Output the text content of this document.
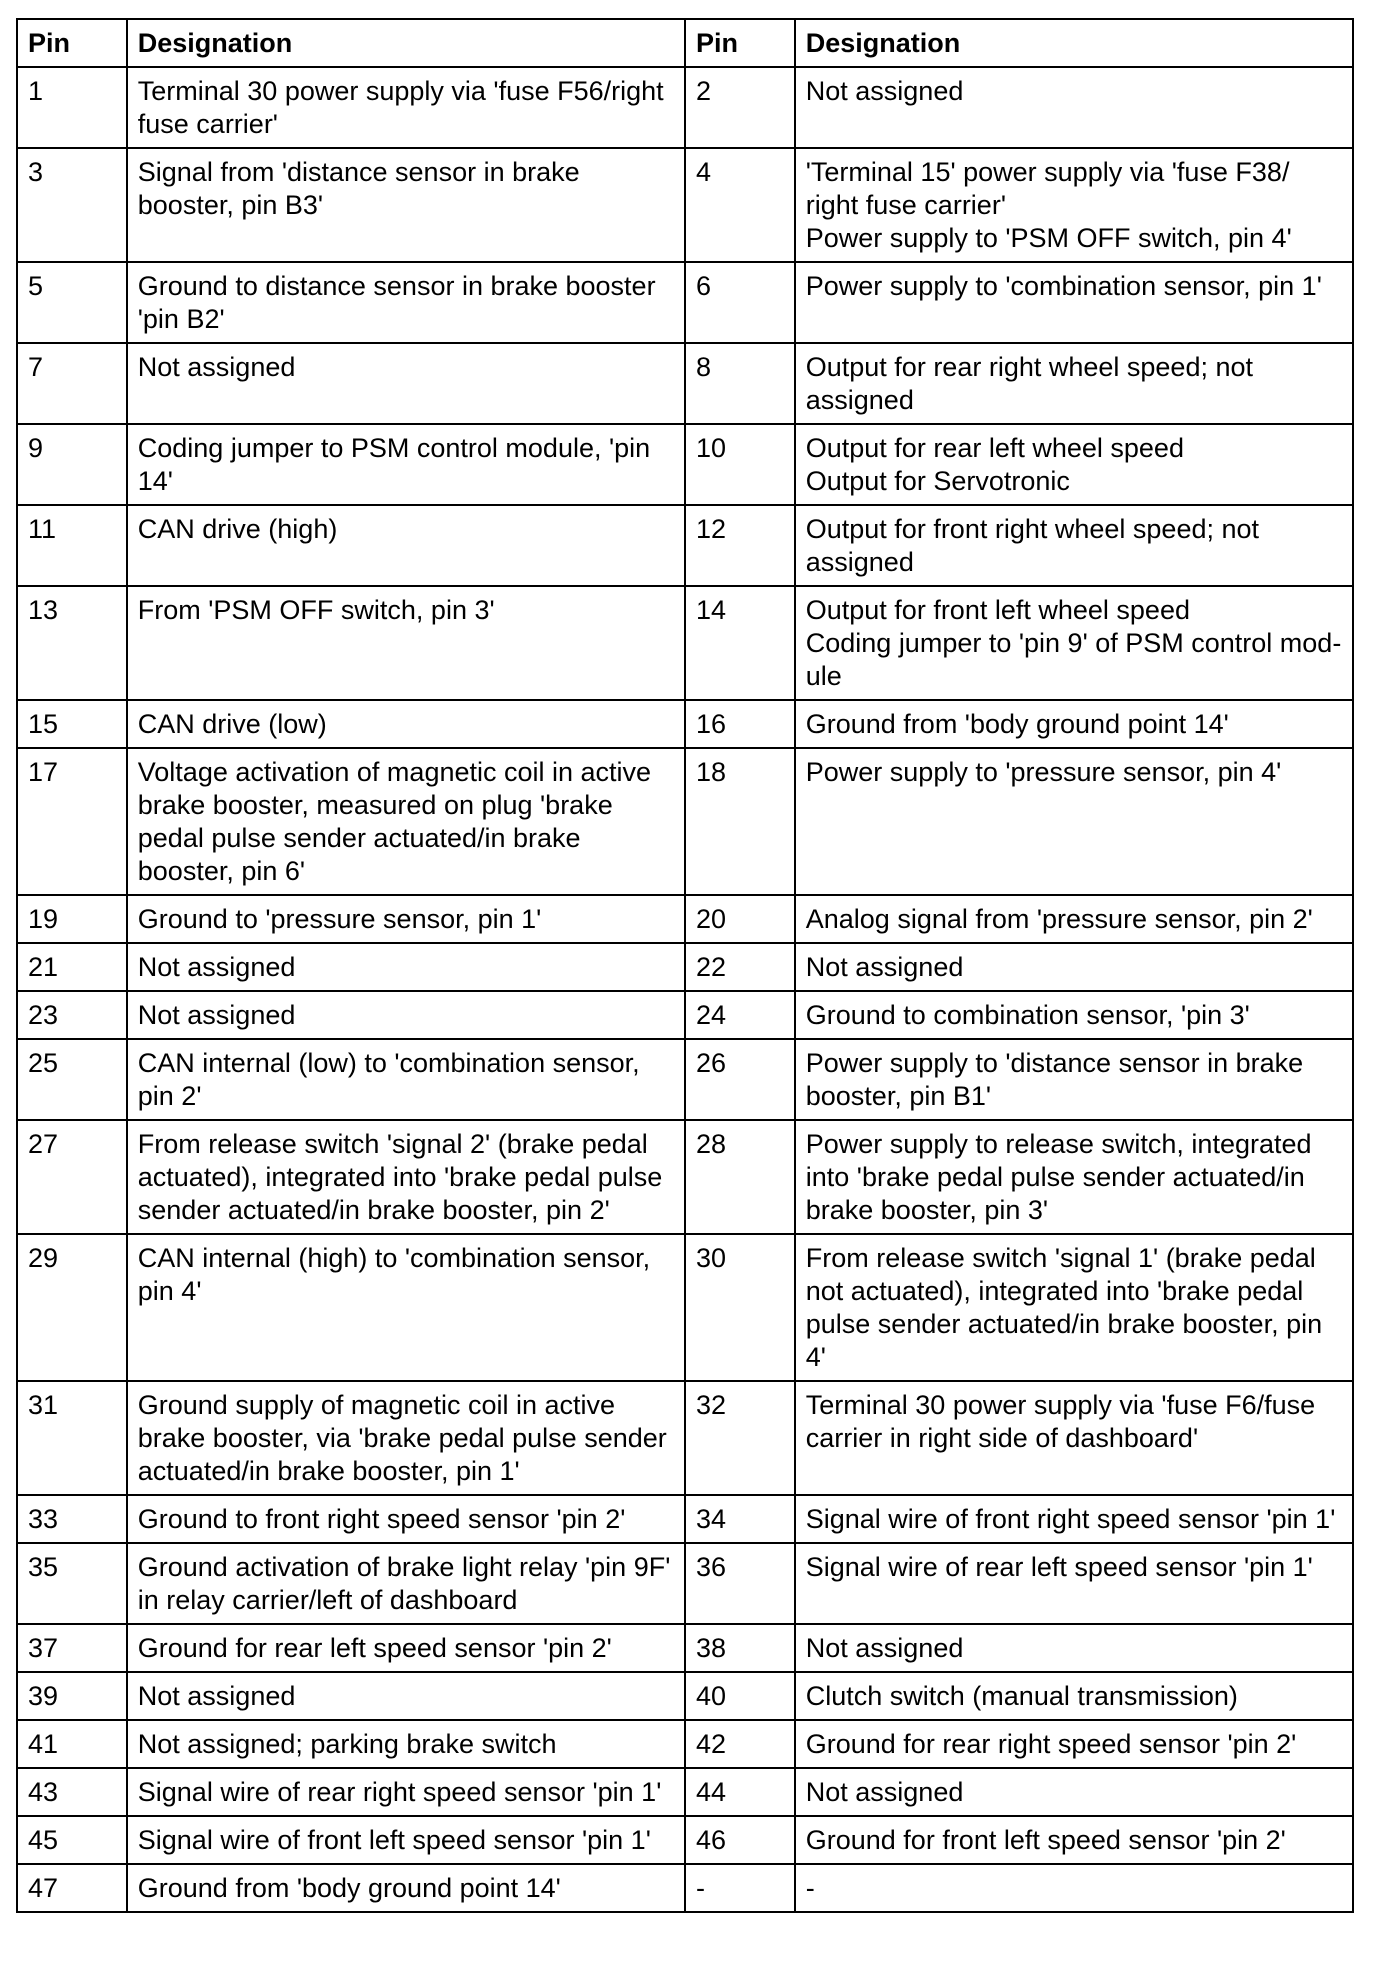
Pin	Designation	Pin	Designation
1	Terminal 30 power supply via 'fuse F56/right fuse carrier'	2	Not assigned
3	Signal from 'distance sensor in brake booster, pin B3'	4	'Terminal 15' power supply via 'fuse F38/ right fuse carrier'
Power supply to 'PSM OFF switch, pin 4'
5	Ground to distance sensor in brake booster 'pin B2'	6	Power supply to 'combination sensor, pin 1'
7	Not assigned	8	Output for rear right wheel speed; not assigned
9	Coding jumper to PSM control module, 'pin 14'	10	Output for rear left wheel speed
Output for Servotronic
11	CAN drive (high)	12	Output for front right wheel speed; not assigned
13	From 'PSM OFF switch, pin 3'	14	Output for front left wheel speed
Coding jumper to 'pin 9' of PSM control mod-ule
15	CAN drive (low)	16	Ground from 'body ground point 14'
17	Voltage activation of magnetic coil in active brake booster, measured on plug 'brake pedal pulse sender actuated/in brake booster, pin 6'	18	Power supply to 'pressure sensor, pin 4'
19	Ground to 'pressure sensor, pin 1'	20	Analog signal from 'pressure sensor, pin 2'
21	Not assigned	22	Not assigned
23	Not assigned	24	Ground to combination sensor, 'pin 3'
25	CAN internal (low) to 'combination sensor, pin 2'	26	Power supply to 'distance sensor in brake booster, pin B1'
27	From release switch 'signal 2' (brake pedal actuated), integrated into 'brake pedal pulse sender actuated/in brake booster, pin 2'	28	Power supply to release switch, integrated into 'brake pedal pulse sender actuated/in brake booster, pin 3'
29	CAN internal (high) to 'combination sensor, pin 4'	30	From release switch 'signal 1' (brake pedal not actuated), integrated into 'brake pedal pulse sender actuated/in brake booster, pin 4'
31	Ground supply of magnetic coil in active brake booster, via 'brake pedal pulse sender actuated/in brake booster, pin 1'	32	Terminal 30 power supply via 'fuse F6/fuse carrier in right side of dashboard'
33	Ground to front right speed sensor 'pin 2'	34	Signal wire of front right speed sensor 'pin 1'
35	Ground activation of brake light relay 'pin 9F' in relay carrier/left of dashboard	36	Signal wire of rear left speed sensor 'pin 1'
37	Ground for rear left speed sensor 'pin 2'	38	Not assigned
39	Not assigned	40	Clutch switch (manual transmission)
41	Not assigned; parking brake switch	42	Ground for rear right speed sensor 'pin 2'
43	Signal wire of rear right speed sensor 'pin 1'	44	Not assigned
45	Signal wire of front left speed sensor 'pin 1'	46	Ground for front left speed sensor 'pin 2'
47	Ground from 'body ground point 14'	-	-
